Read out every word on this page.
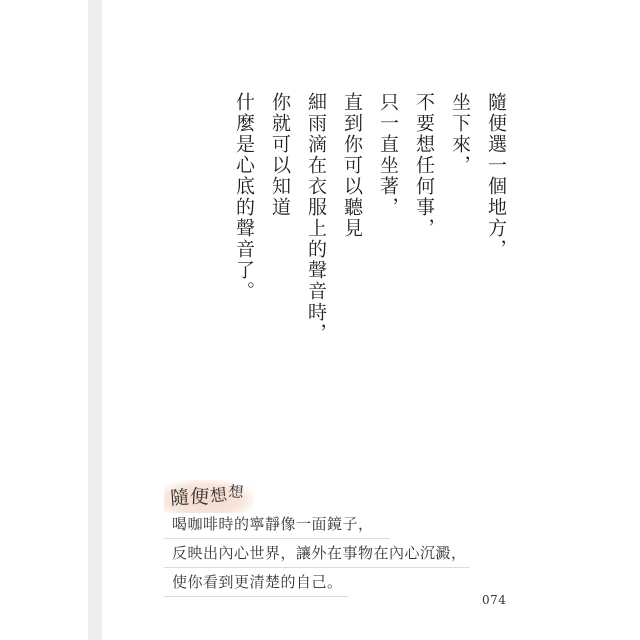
隨便選一個地方，
坐下來，
不要想任何事，
只一直坐著，
直到你可以聽見
細雨滴在衣服上的聲音時，
你就可以知道
什麼是心底的聲音了。
隨便想想
喝咖啡時的寧靜像一面鏡子，
反映出內心世界，讓外在事物在內心沉澱，
使你看到更清楚的自己。
074
